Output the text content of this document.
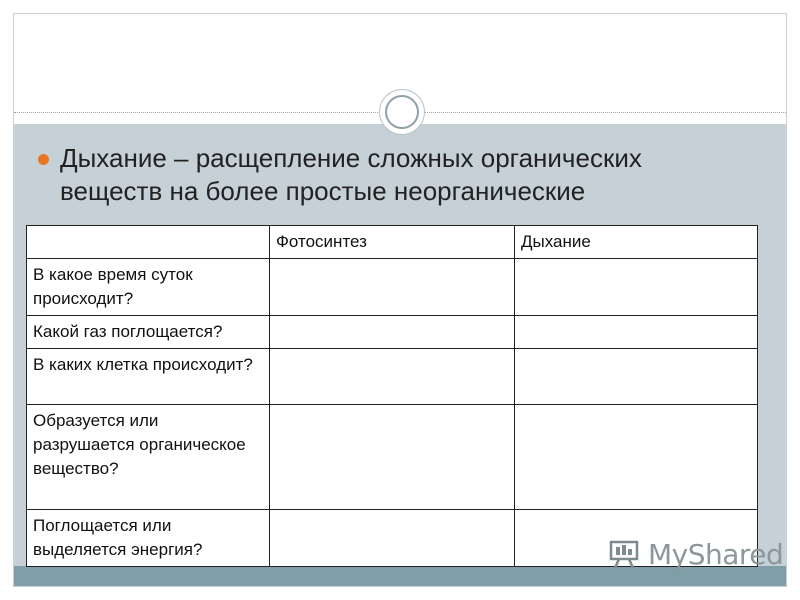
Дыхание – расщепление сложных органических
веществ на более простые неорганические
	Фотосинтез	Дыхание
В какое время суток происходит?		
Какой газ поглощается?		
В каких клетка происходит?		
Образуется или разрушается органическое вещество?		
Поглощается или выделяется энергия?			MyShared
